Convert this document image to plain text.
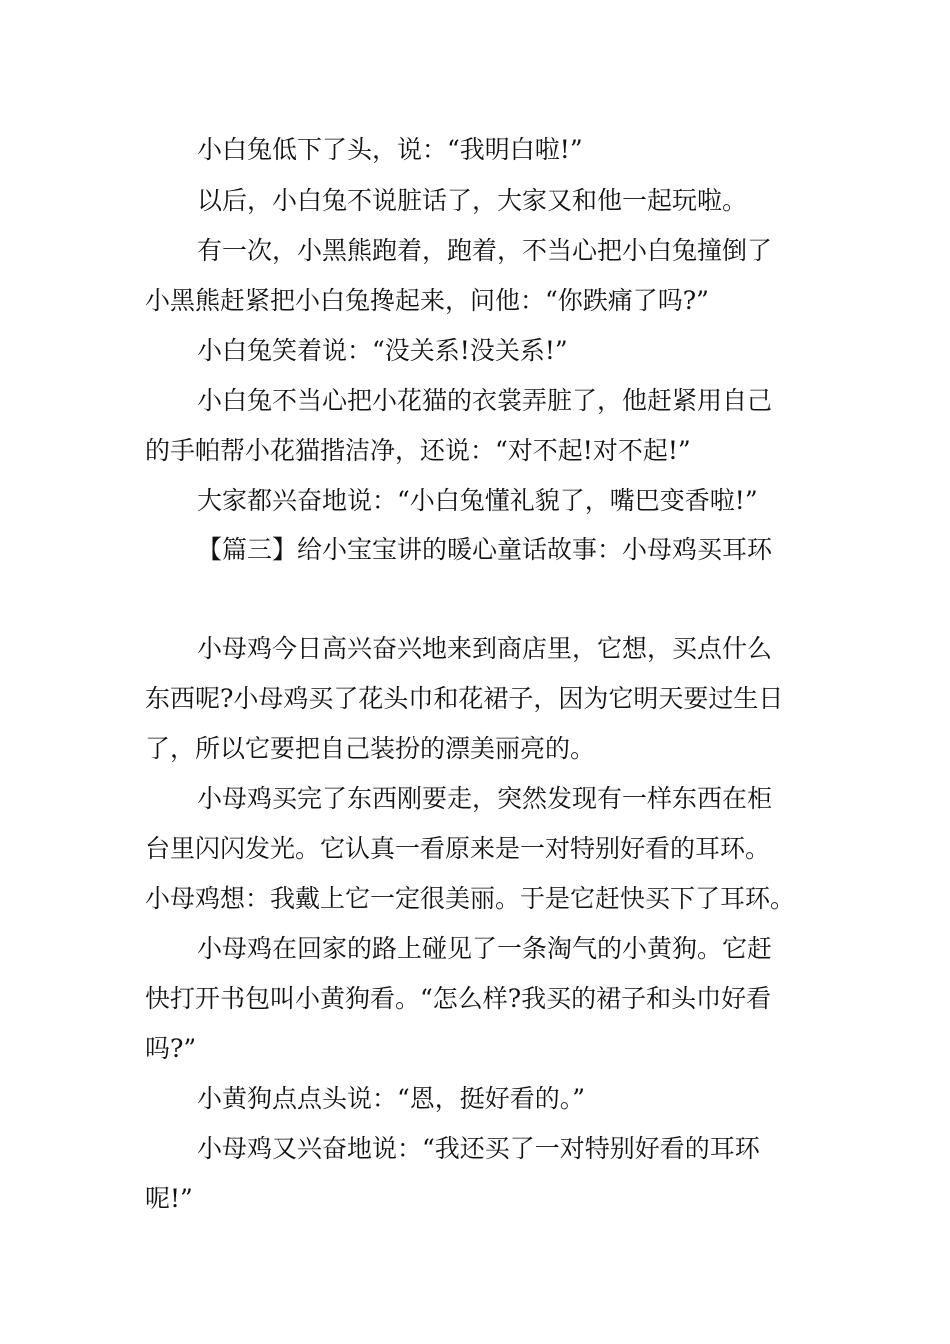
小白兔低下了头，说：“我明白啦!”
以后，小白兔不说脏话了，大家又和他一起玩啦。
有一次，小黑熊跑着，跑着，不当心把小白兔撞倒了
小黑熊赶紧把小白兔搀起来，问他：“你跌痛了吗?”
小白兔笑着说：“没关系!没关系!”
小白兔不当心把小花猫的衣裳弄脏了，他赶紧用自己
的手帕帮小花猫揩洁净，还说：“对不起!对不起!”
大家都兴奋地说：“小白兔懂礼貌了，嘴巴变香啦!”
【篇三】给小宝宝讲的暖心童话故事：小母鸡买耳环
小母鸡今日高兴奋兴地来到商店里，它想，买点什么
东西呢?小母鸡买了花头巾和花裙子，因为它明天要过生日
了，所以它要把自己装扮的漂美丽亮的。
小母鸡买完了东西刚要走，突然发现有一样东西在柜
台里闪闪发光。它认真一看原来是一对特别好看的耳环。
小母鸡想：我戴上它一定很美丽。于是它赶快买下了耳环。
小母鸡在回家的路上碰见了一条淘气的小黄狗。它赶
快打开书包叫小黄狗看。“怎么样?我买的裙子和头巾好看
吗?”
小黄狗点点头说：“恩，挺好看的。”
小母鸡又兴奋地说：“我还买了一对特别好看的耳环
呢!”
